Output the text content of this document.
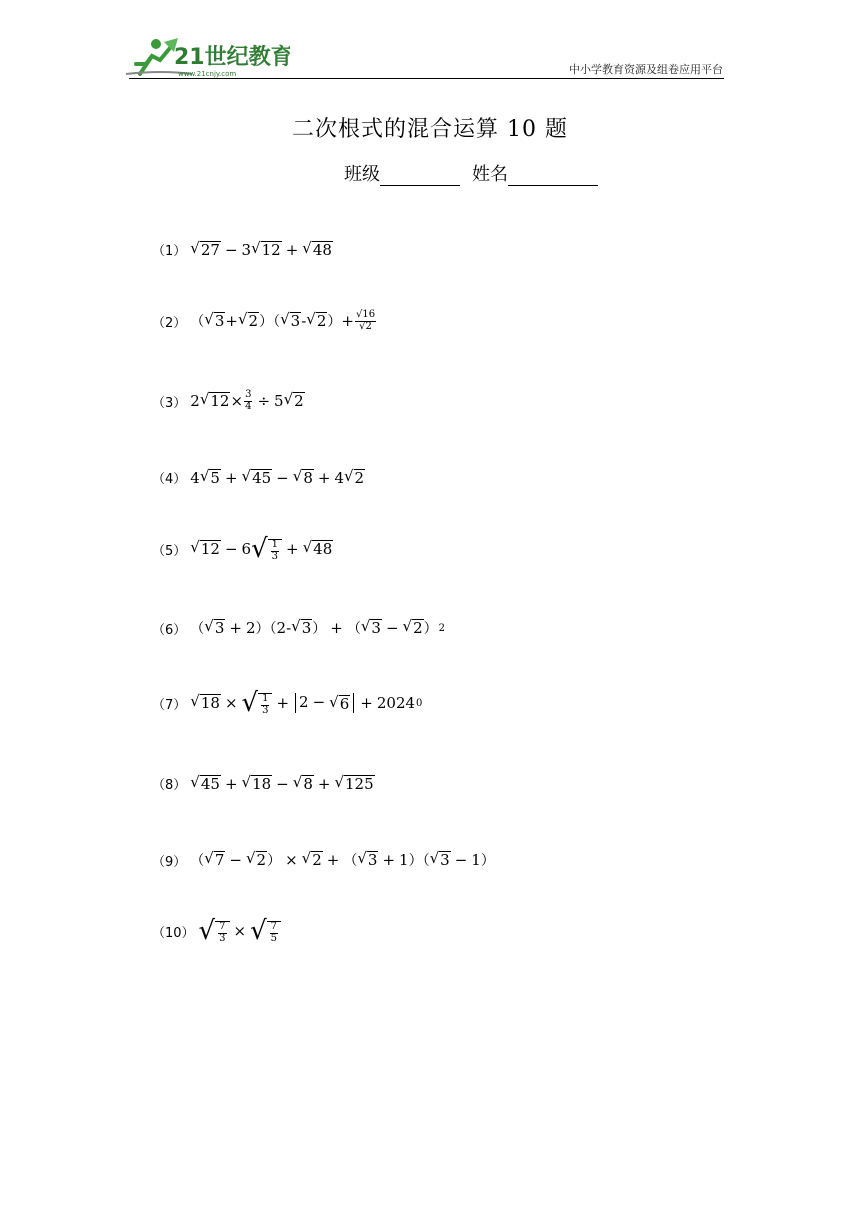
21世纪教育
www.21cnjy.com	中小学教育资源及组卷应用平台
二次根式的混合运算 10 题
班级	姓名
（1） √ 27 − 3 √ 12 + √ 48
（2） （ √ 3 + √ 2 ）（ √ 3 - √ 2 ） + $\frac{√16}{√2}$
（3） 2 √ $12 \times \frac{3}{4} \div 5$ √ 2
（4） 4 √ 5 + √ 45 − √ 8 + 4 √ 2
（5） √ 12 − 6 √ $\frac{1}{3}$ + √ 48
（6） （ √ 3 + 2 ）（ 2 - √ 3 ） + （ √ 3 − √ 2 ） 2
（7） √ 18 × √ $\frac{1}{3} + 2$ − √ 6 + 2024 0
（8） √ 45 + √ 18 − √ 8 + √ 125
（9） （ √ 7 − √ 2 ） × √ 2 + （ √ 3 + 1 ）（ √ 3 − 1 ）
（10） √ $\frac{7}{3}$ × √ $\frac{7}{5}$
